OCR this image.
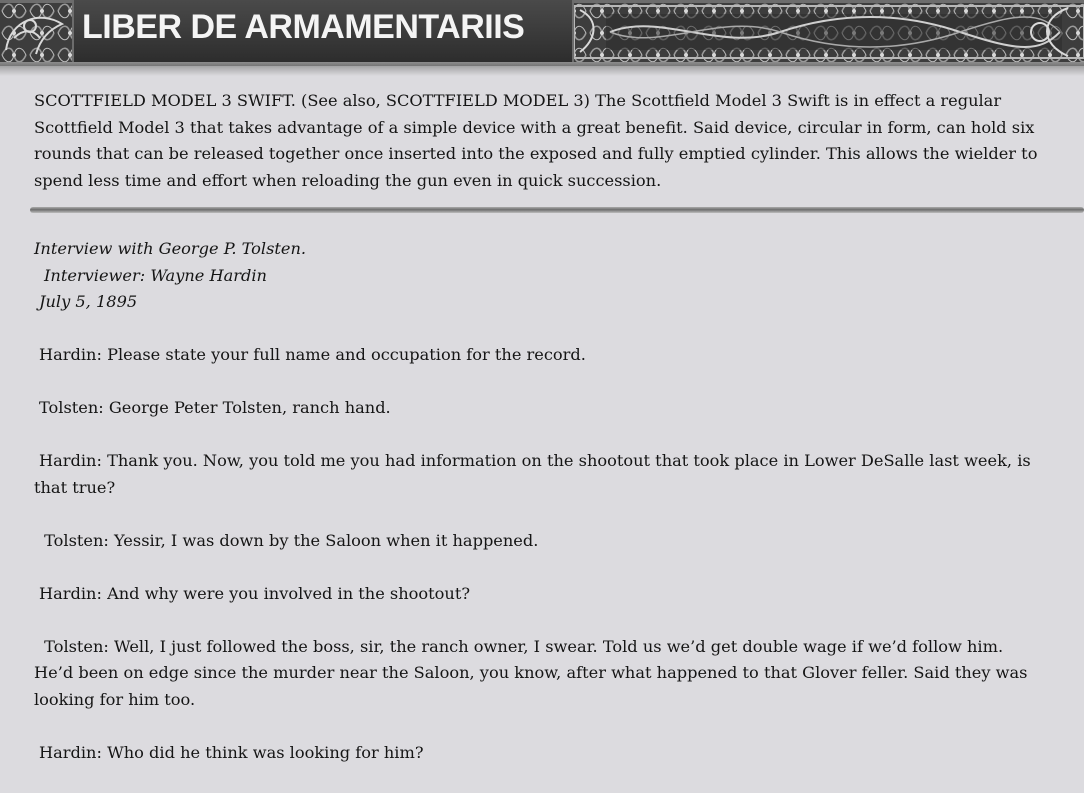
LIBER DE ARMAMENTARIIS

SCOTTFIELD MODEL 3 SWIFT. (See also, SCOTTFIELD MODEL 3) The Scottfield Model 3 Swift is in effect a regular Scottfield Model 3 that takes advantage of a simple device with a great benefit. Said device, circular in form, can hold six rounds that can be released together once inserted into the exposed and fully emptied cylinder. This allows the wielder to spend less time and effort when reloading the gun even in quick succession.

Interview with George P. Tolsten.

Interviewer: Wayne Hardin

July 5, 1895

Hardin: Please state your full name and occupation for the record.

Tolsten: George Peter Tolsten, ranch hand.

Hardin: Thank you. Now, you told me you had information on the shootout that took place in Lower DeSalle last week, is that true?

Tolsten: Yessir, I was down by the Saloon when it happened.

Hardin: And why were you involved in the shootout?

Tolsten: Well, I just followed the boss, sir, the ranch owner, I swear. Told us we’d get double wage if we’d follow him. He’d been on edge since the murder near the Saloon, you know, after what happened to that Glover feller. Said they was looking for him too.

Hardin: Who did he think was looking for him?
